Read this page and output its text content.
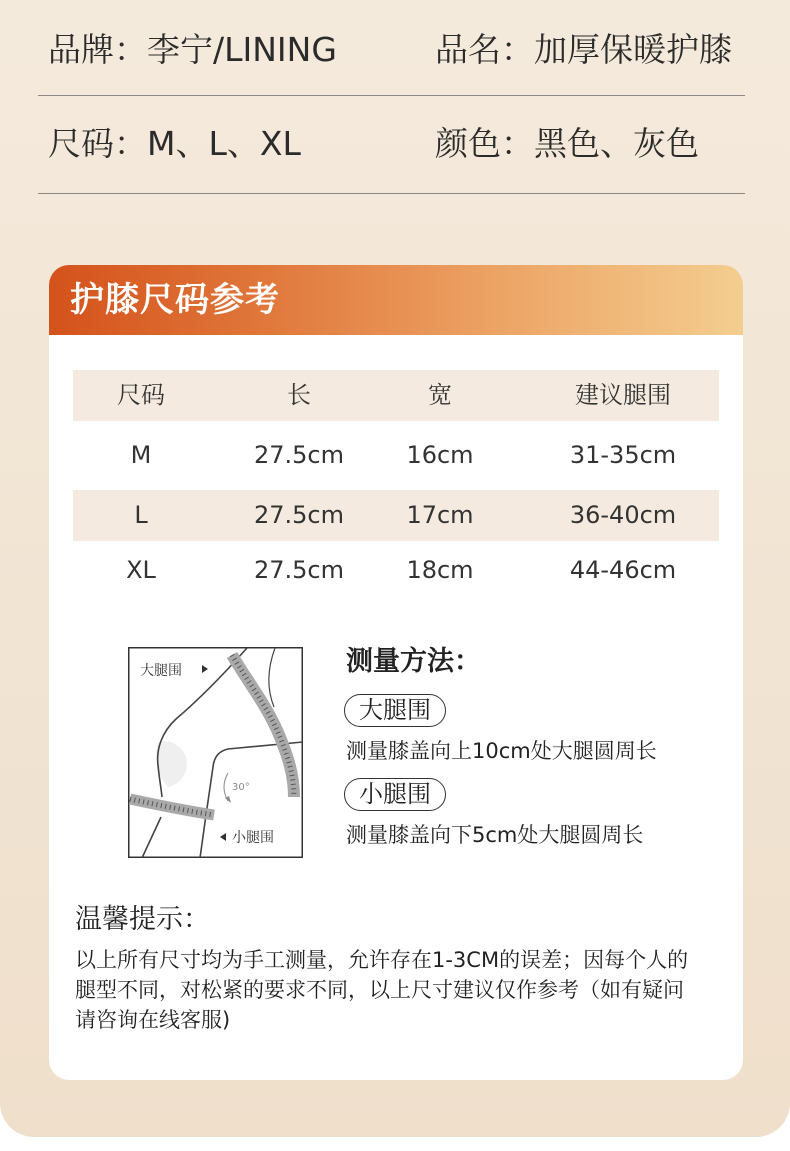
品牌：李宁/LINING	品名：加厚保暖护膝
尺码：M、L、XL	颜色：黑色、灰色
护膝尺码参考
尺码	长	宽	建议腿围
M	27.5cm	16cm	31-35cm
L	27.5cm	17cm	36-40cm
XL	27.5cm	18cm	44-46cm
大腿围
小腿围
30°
测量方法：
大腿围
测量膝盖向上10cm处大腿圆周长
小腿围
测量膝盖向下5cm处大腿圆周长
温馨提示：
以上所有尺寸均为手工测量，允许存在1-3CM的误差；因每个人的
腿型不同，对松紧的要求不同，以上尺寸建议仅作参考（如有疑问
请咨询在线客服)
